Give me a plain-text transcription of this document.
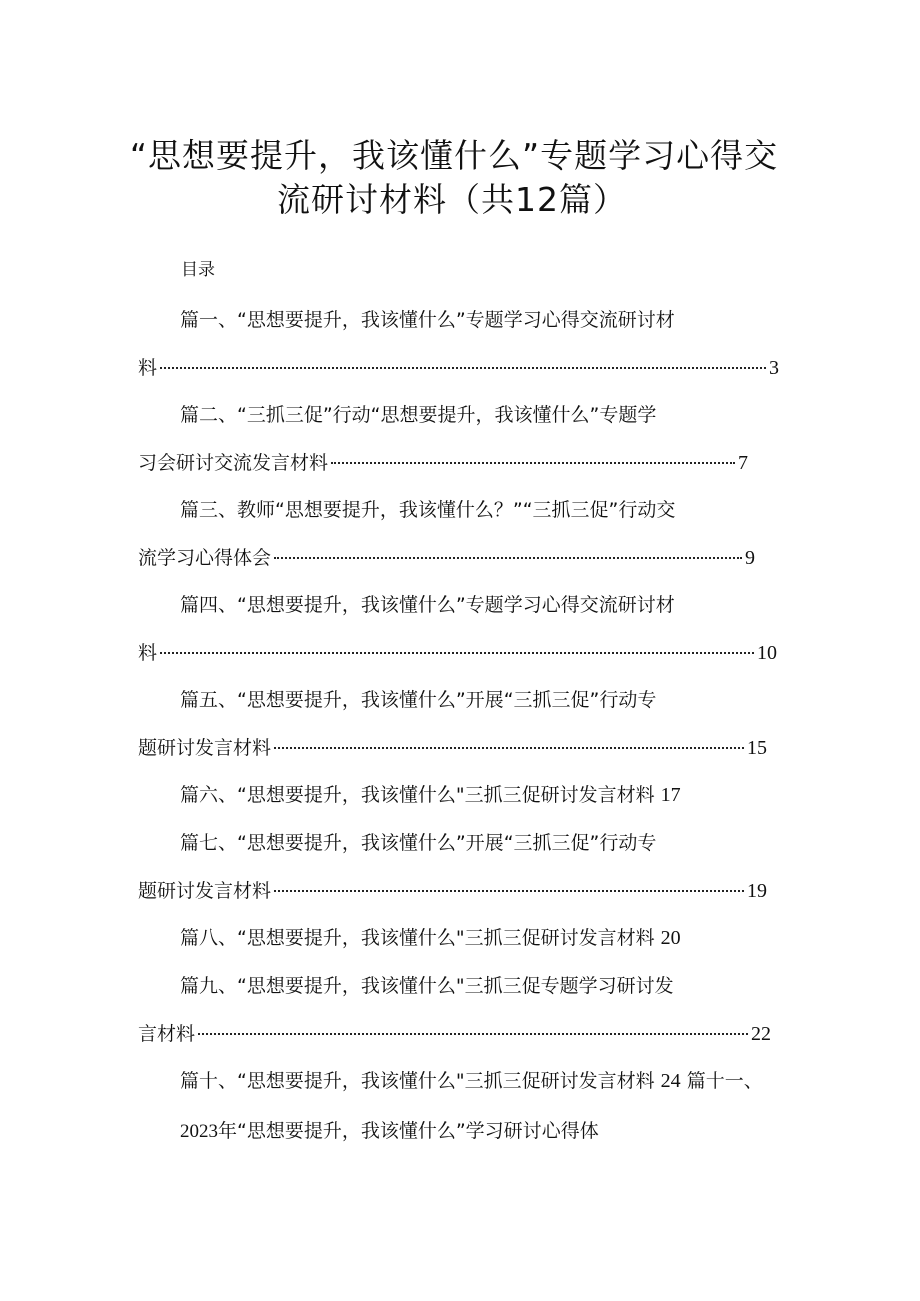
“思想要提升，我该懂什么”专题学习心得交
流研讨材料（共12篇）
目录
篇一、“思想要提升，我该懂什么”专题学习心得交流研讨材
料	3
篇二、“三抓三促”行动“思想要提升，我该懂什么”专题学
习会研讨交流发言材料	7
篇三、教师“思想要提升，我该懂什么？”“三抓三促”行动交
流学习心得体会	9
篇四、“思想要提升，我该懂什么”专题学习心得交流研讨材
料	10
篇五、“思想要提升，我该懂什么”开展“三抓三促”行动专
题研讨发言材料	15
篇六、“思想要提升，我该懂什么"三抓三促研讨发言材料 17
篇七、“思想要提升，我该懂什么”开展“三抓三促”行动专
题研讨发言材料	19
篇八、“思想要提升，我该懂什么"三抓三促研讨发言材料 20
篇九、“思想要提升，我该懂什么"三抓三促专题学习研讨发
言材料	22
篇十、“思想要提升，我该懂什么"三抓三促研讨发言材料 24 篇十一、
2023年“思想要提升，我该懂什么”学习研讨心得体
